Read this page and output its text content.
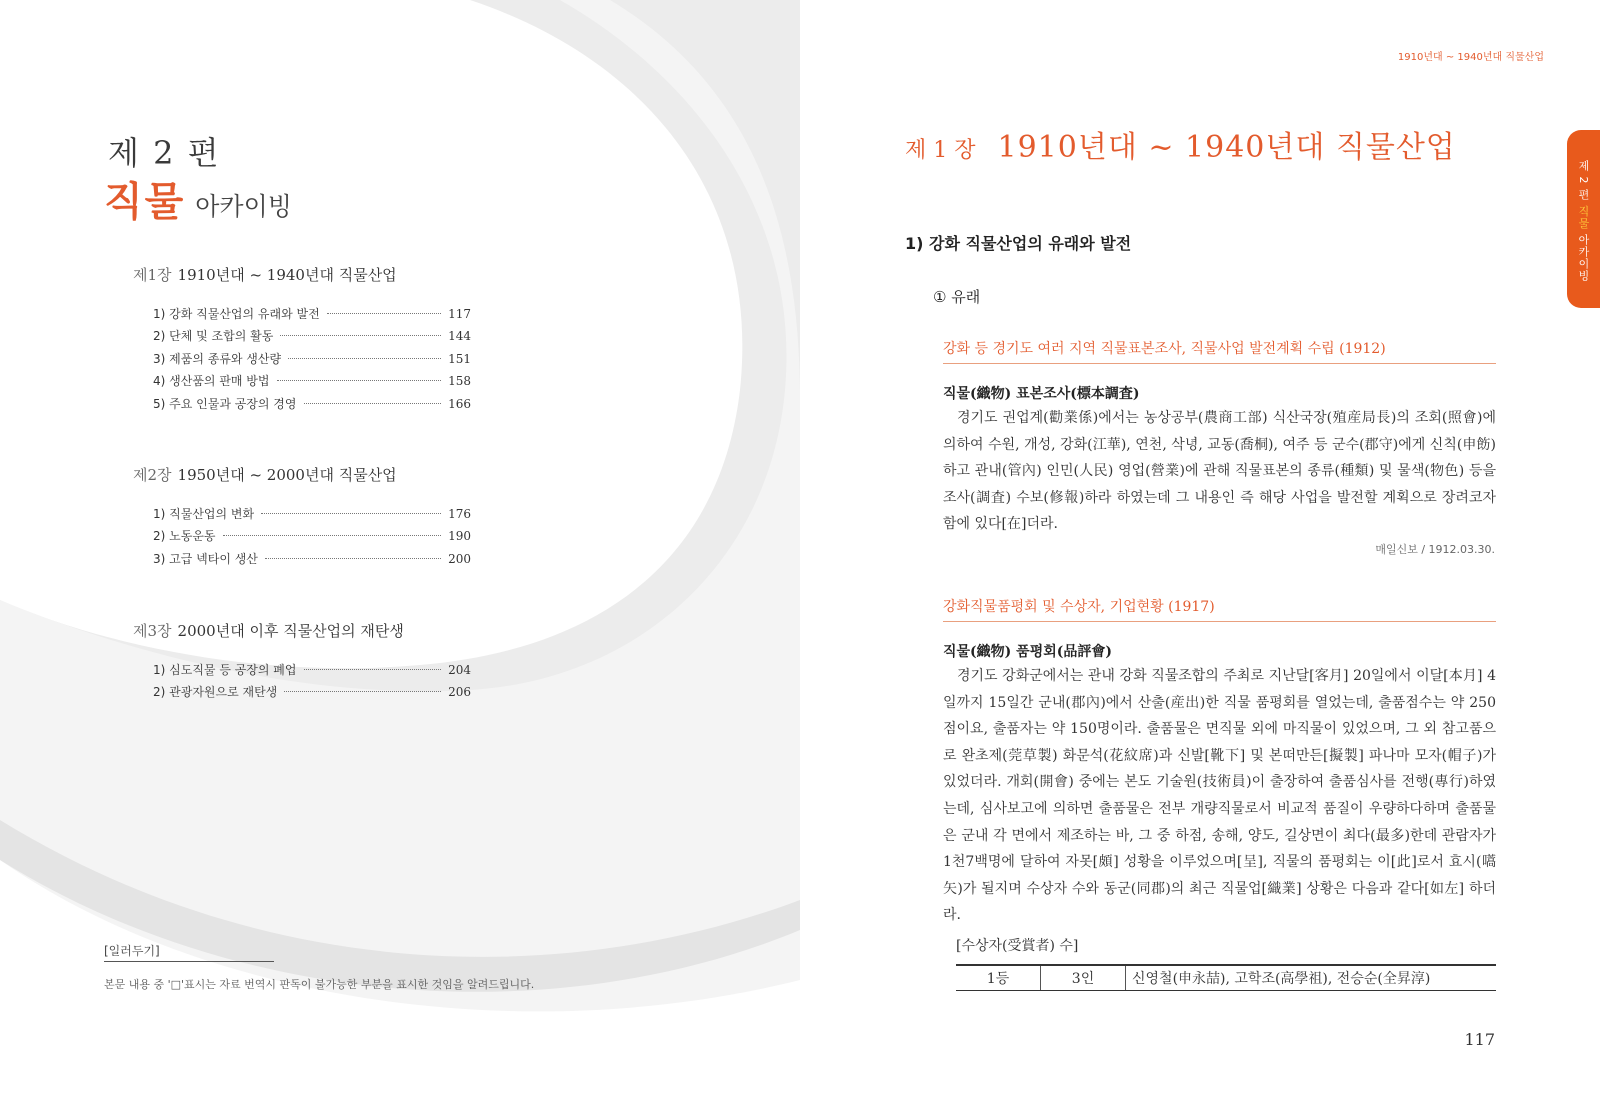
제 2 편
직물 아카이빙
제1장 1910년대 ~ 1940년대 직물산업
1) 강화 직물산업의 유래와 발전	117
2) 단체 및 조합의 활동	144
3) 제품의 종류와 생산량	151
4) 생산품의 판매 방법	158
5) 주요 인물과 공장의 경영	166
제2장 1950년대 ~ 2000년대 직물산업
1) 직물산업의 변화	176
2) 노동운동	190
3) 고급 넥타이 생산	200
제3장 2000년대 이후 직물산업의 재탄생
1) 심도직물 등 공장의 폐업	204
2) 관광자원으로 재탄생	206
[일러두기]
본문 내용 중 '□'표시는 자료 번역시 판독이 불가능한 부분을 표시한 것임을 알려드립니다.
1910년대 ~ 1940년대 직물산업
제 2 편 직물 아카이빙
제 1 장 1910년대 ~ 1940년대 직물산업
1) 강화 직물산업의 유래와 발전
① 유래
강화 등 경기도 여러 지역 직물표본조사, 직물사업 발전계획 수립 (1912)
직물(織物) 표본조사(標本調査)
경기도 권업계(勸業係)에서는 농상공부(農商工部) 식산국장(殖産局長)의 조회(照會)에 의하여 수원, 개성, 강화(江華), 연천, 삭녕, 교동(喬桐), 여주 등 군수(郡守)에게 신칙(申飭)하고 관내(管內) 인민(人民) 영업(營業)에 관해 직물표본의 종류(種類) 및 물색(物色) 등을 조사(調査) 수보(修報)하라 하였는데 그 내용인 즉 해당 사업을 발전할 계획으로 장려코자 함에 있다[在]더라.
매일신보 / 1912.03.30.
강화직물품평회 및 수상자, 기업현황 (1917)
직물(織物) 품평회(品評會)
경기도 강화군에서는 관내 강화 직물조합의 주최로 지난달[客月] 20일에서 이달[本月] 4일까지 15일간 군내(郡內)에서 산출(産出)한 직물 품평회를 열었는데, 출품점수는 약 250점이요, 출품자는 약 150명이라. 출품물은 면직물 외에 마직물이 있었으며, 그 외 참고품으로 완초제(莞草製) 화문석(花紋席)과 신발[靴下] 및 본떠만든[擬製] 파나마 모자(帽子)가 있었더라. 개회(開會) 중에는 본도 기술원(技術員)이 출장하여 출품심사를 전행(專行)하였는데, 심사보고에 의하면 출품물은 전부 개량직물로서 비교적 품질이 우량하다하며 출품물은 군내 각 면에서 제조하는 바, 그 중 하점, 송해, 양도, 길상면이 최다(最多)한데 관람자가 1천7백명에 달하여 자못[頗] 성황을 이루었으며[呈], 직물의 품평회는 이[此]로서 효시(嚆矢)가 될지며 수상자 수와 동군(同郡)의 최근 직물업[織業] 상황은 다음과 같다[如左] 하더라.
[수상자(受賞者) 수]
1등	3인	신영철(申永喆), 고학조(高學祖), 전승순(全昇淳)
117
